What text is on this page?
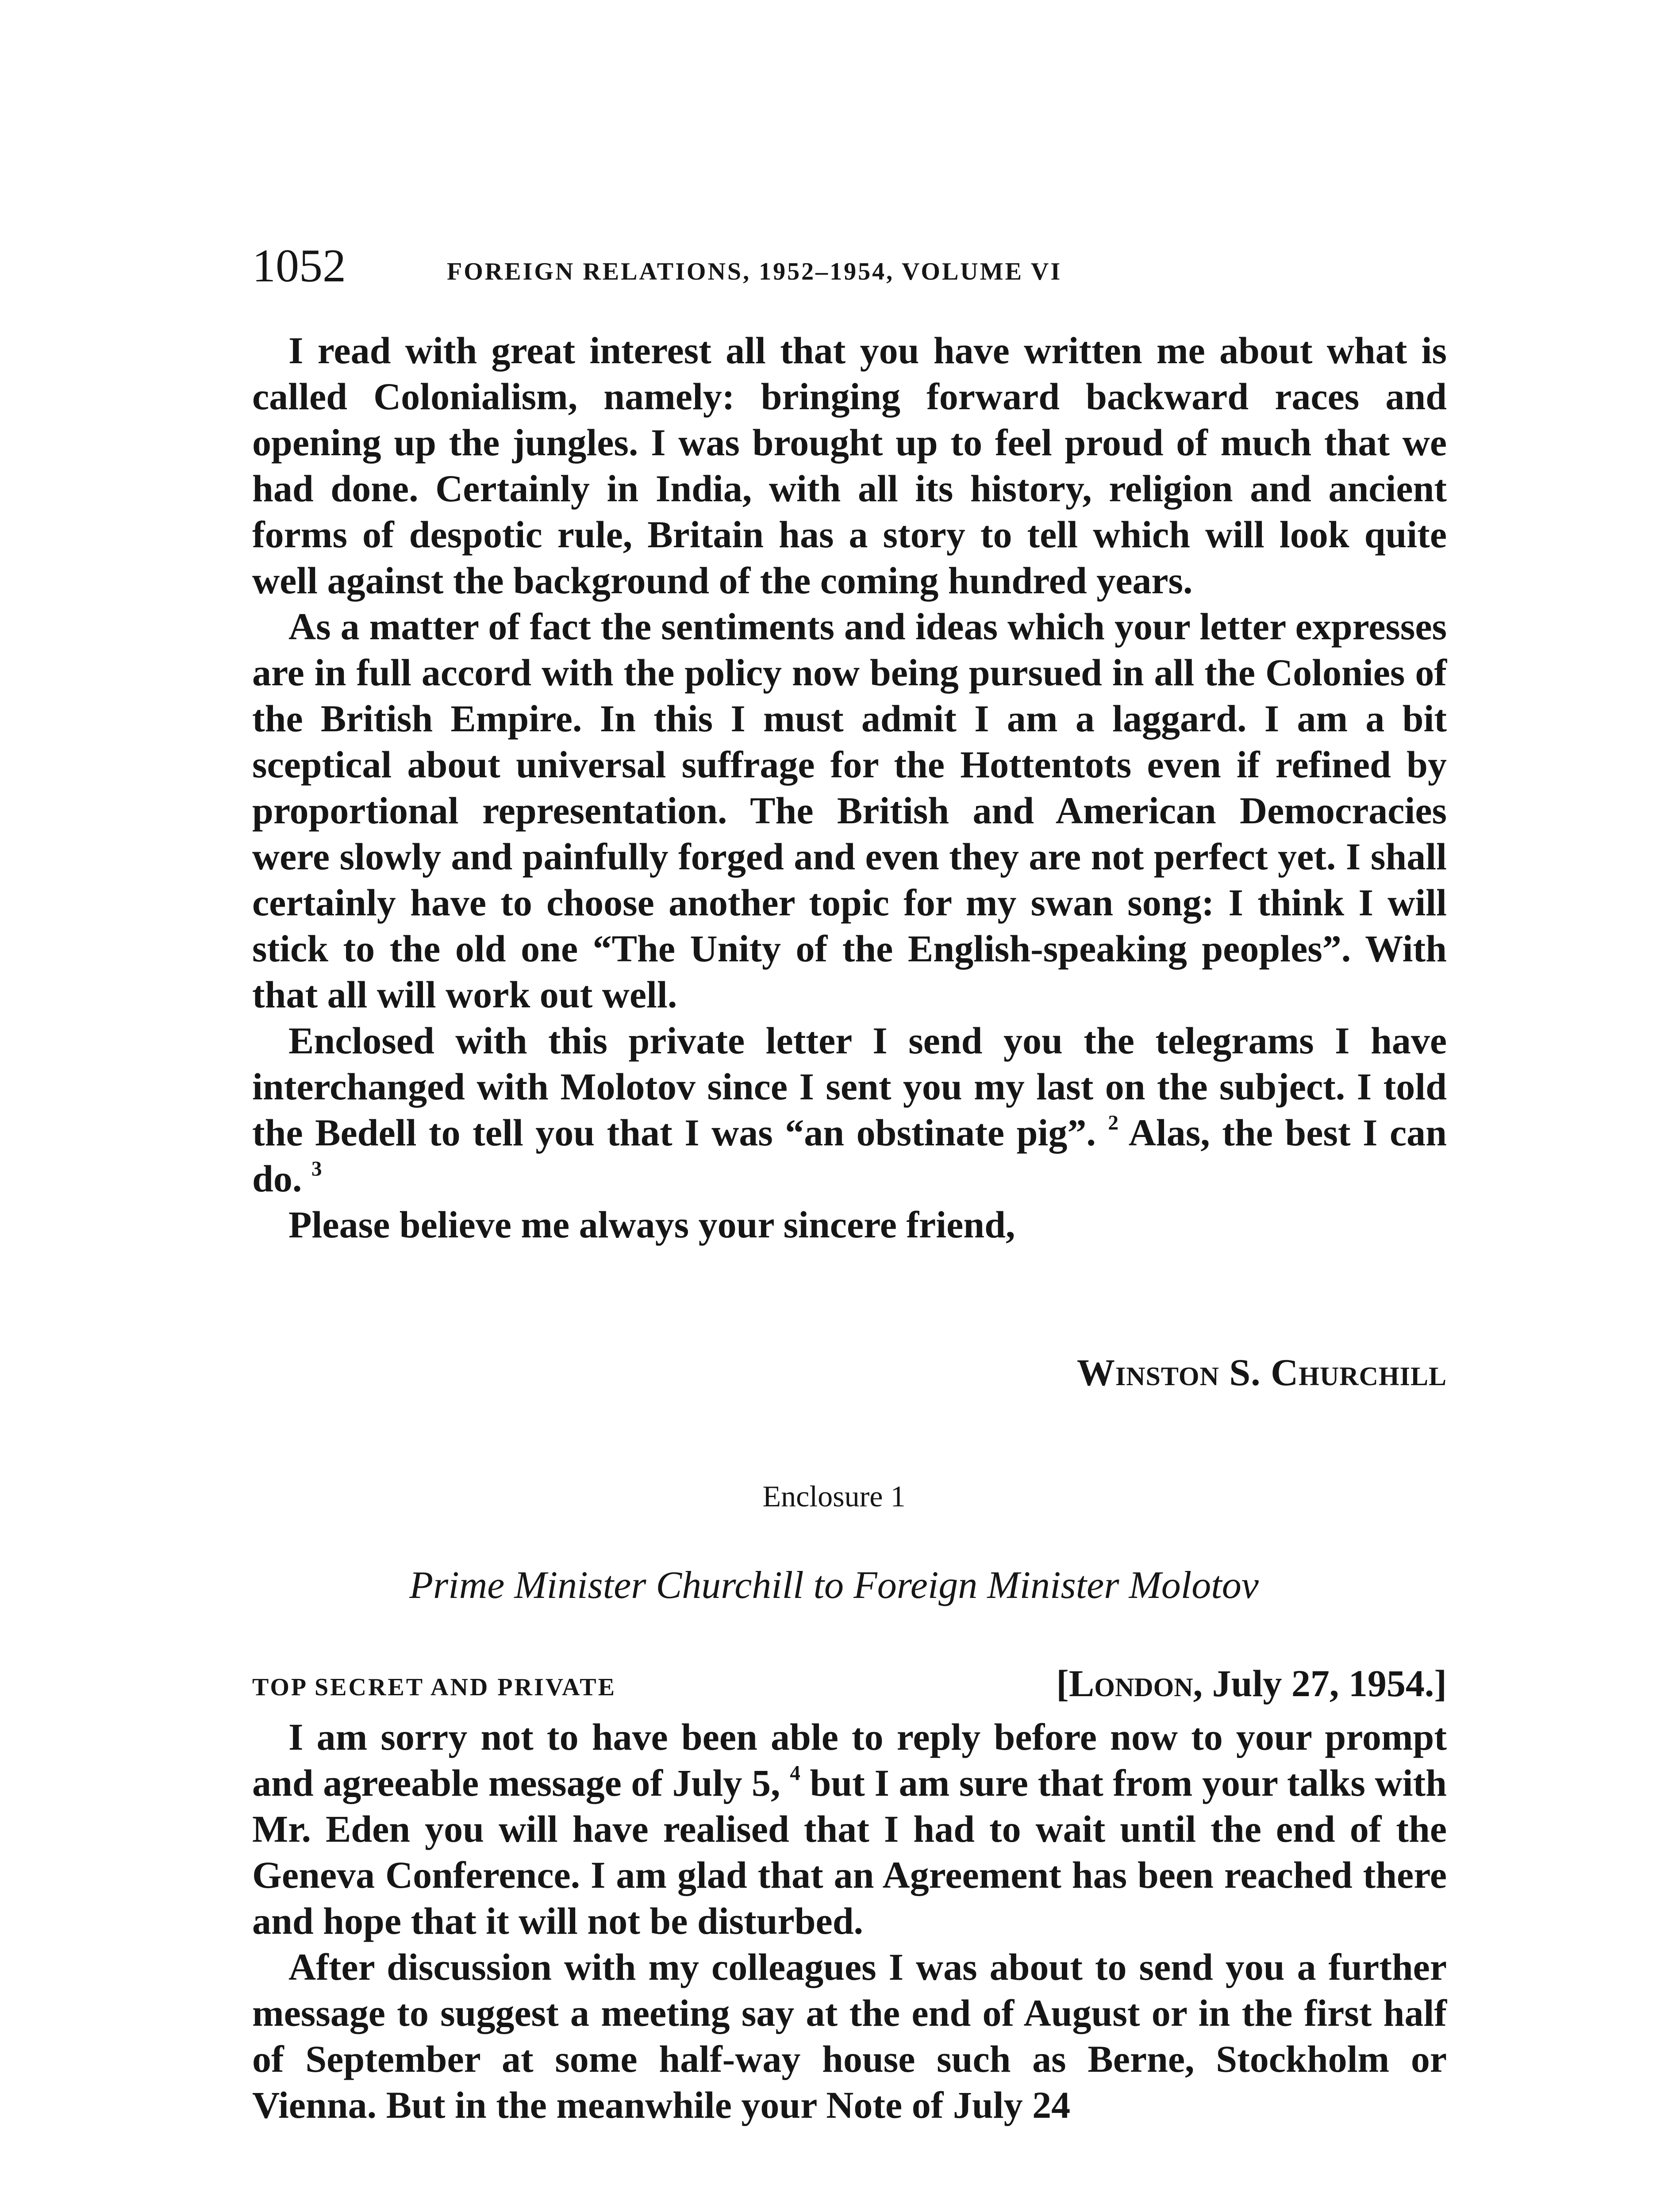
1052	FOREIGN RELATIONS, 1952–1954, VOLUME VI

I read with great interest all that you have written me about what is called Colonialism, namely: bringing forward backward races and opening up the jungles. I was brought up to feel proud of much that we had done. Certainly in India, with all its history, religion and ancient forms of despotic rule, Britain has a story to tell which will look quite well against the background of the coming hundred years.

As a matter of fact the sentiments and ideas which your letter expresses are in full accord with the policy now being pursued in all the Colonies of the British Empire. In this I must admit I am a laggard. I am a bit sceptical about universal suffrage for the Hottentots even if refined by proportional representation. The British and American Democracies were slowly and painfully forged and even they are not perfect yet. I shall certainly have to choose another topic for my swan song: I think I will stick to the old one “The Unity of the English-speaking peoples”. With that all will work out well.

Enclosed with this private letter I send you the telegrams I have interchanged with Molotov since I sent you my last on the subject. I told the Bedell to tell you that I was “an obstinate pig”. $^2$ Alas, the best I can do. $^3$

Please believe me always your sincere friend,

Winston S. Churchill
Enclosure 1
Prime Minister Churchill to Foreign Minister Molotov
TOP SECRET AND PRIVATE	[London, July 27, 1954.]

I am sorry not to have been able to reply before now to your prompt and agreeable message of July 5, $^4$ but I am sure that from your talks with Mr. Eden you will have realised that I had to wait until the end of the Geneva Conference. I am glad that an Agreement has been reached there and hope that it will not be disturbed.

After discussion with my colleagues I was about to send you a further message to suggest a meeting say at the end of August or in the first half of September at some half-way house such as Berne, Stockholm or Vienna. But in the meanwhile your Note of July 24
